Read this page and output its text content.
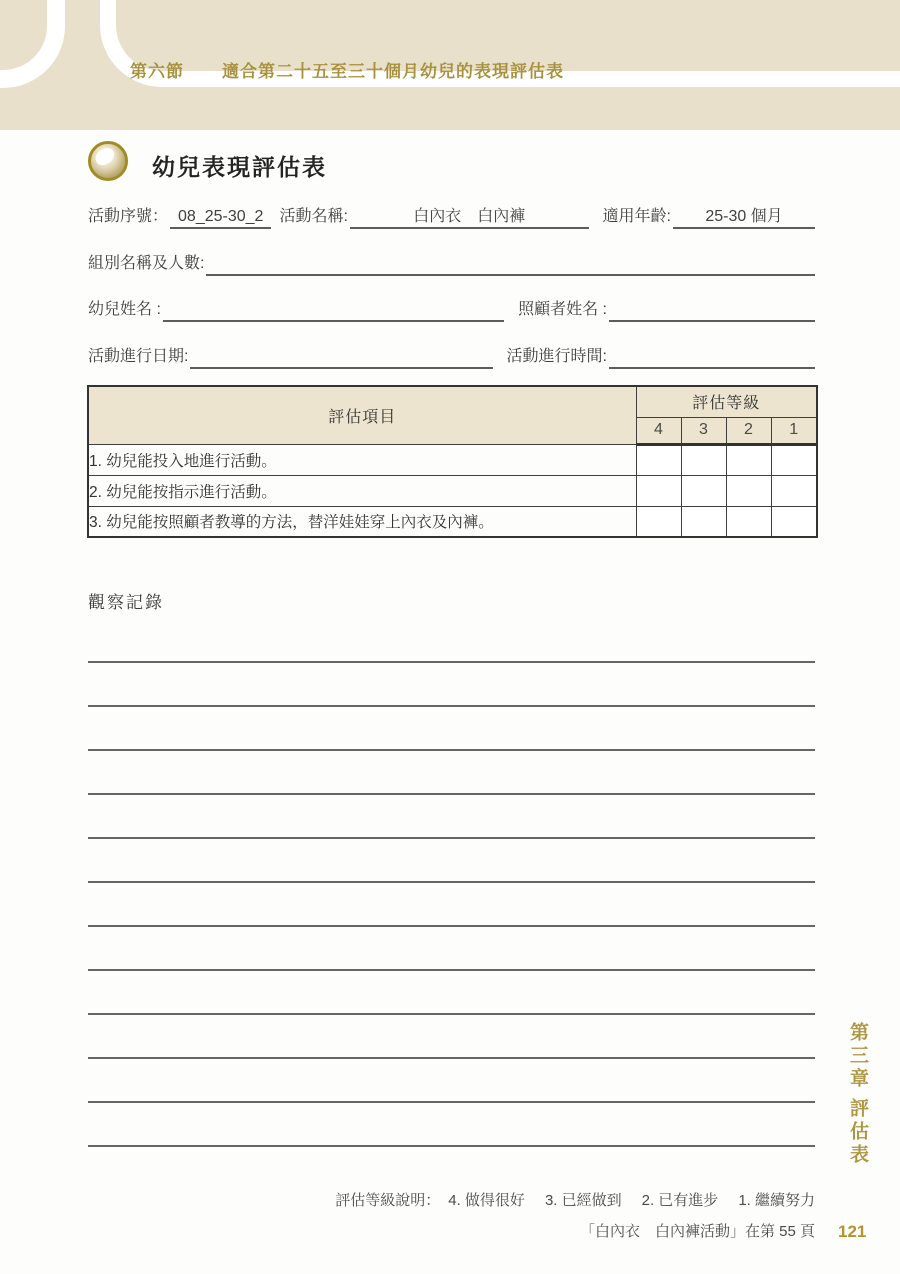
第六節 適合第二十五至三十個月幼兒的表現評估表
幼兒表現評估表
活動序號： 08_25-30_2	活動名稱:	白內衣　白內褲	適用年齡:	25-30 個月
組別名稱及人數:
幼兒姓名 :	照顧者姓名 :
活動進行日期:	活動進行時間:
評估項目	評估等級			
	4	3	2	1
1. 幼兒能投入地進行活動。				
2. 幼兒能按指示進行活動。				
3. 幼兒能按照顧者教導的方法，替洋娃娃穿上內衣及內褲。				
觀察記錄
第三章
評估表
評估等級說明： 4. 做得很好 3. 已經做到 2. 已有進步 1. 繼續努力
「白內衣　白內褲活動」在第 55 頁 121
